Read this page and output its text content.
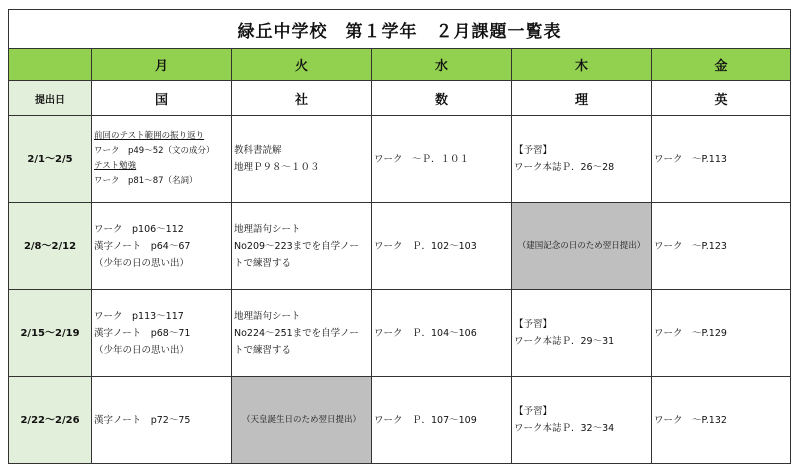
緑丘中学校　第１学年　２月課題一覧表					
	月	火	水	木	金
提出日	国	社	数	理	英
2/1～2/5	前回のテスト範囲の振り返り
ワーク　p49～52（文の成分）
テスト勉強
ワーク　p81～87（名詞）	教科書読解
地理Ｐ９８～１０３	ワーク　～Ｐ．１０１	【予習】
ワーク本誌Ｐ．26～28	ワーク　～P.113

2/8～2/12	ワーク　p106～112
漢字ノート　p64～67
（少年の日の思い出）	地理語句シート
No209～223までを自学ノー
トで練習する	ワーク　Ｐ．102～103	（建国記念の日のため翌日提出）	ワーク　～P.123

2/15～2/19	ワーク　p113～117
漢字ノート　p68～71
（少年の日の思い出）	地理語句シート
No224～251までを自学ノー
トで練習する	ワーク　Ｐ．104～106	【予習】
ワーク本誌Ｐ．29～31	ワーク　～P.129

2/22～2/26	漢字ノート　p72～75	（天皇誕生日のため翌日提出）	ワーク　Ｐ．107～109	【予習】
ワーク本誌Ｐ．32～34	ワーク　～P.132
